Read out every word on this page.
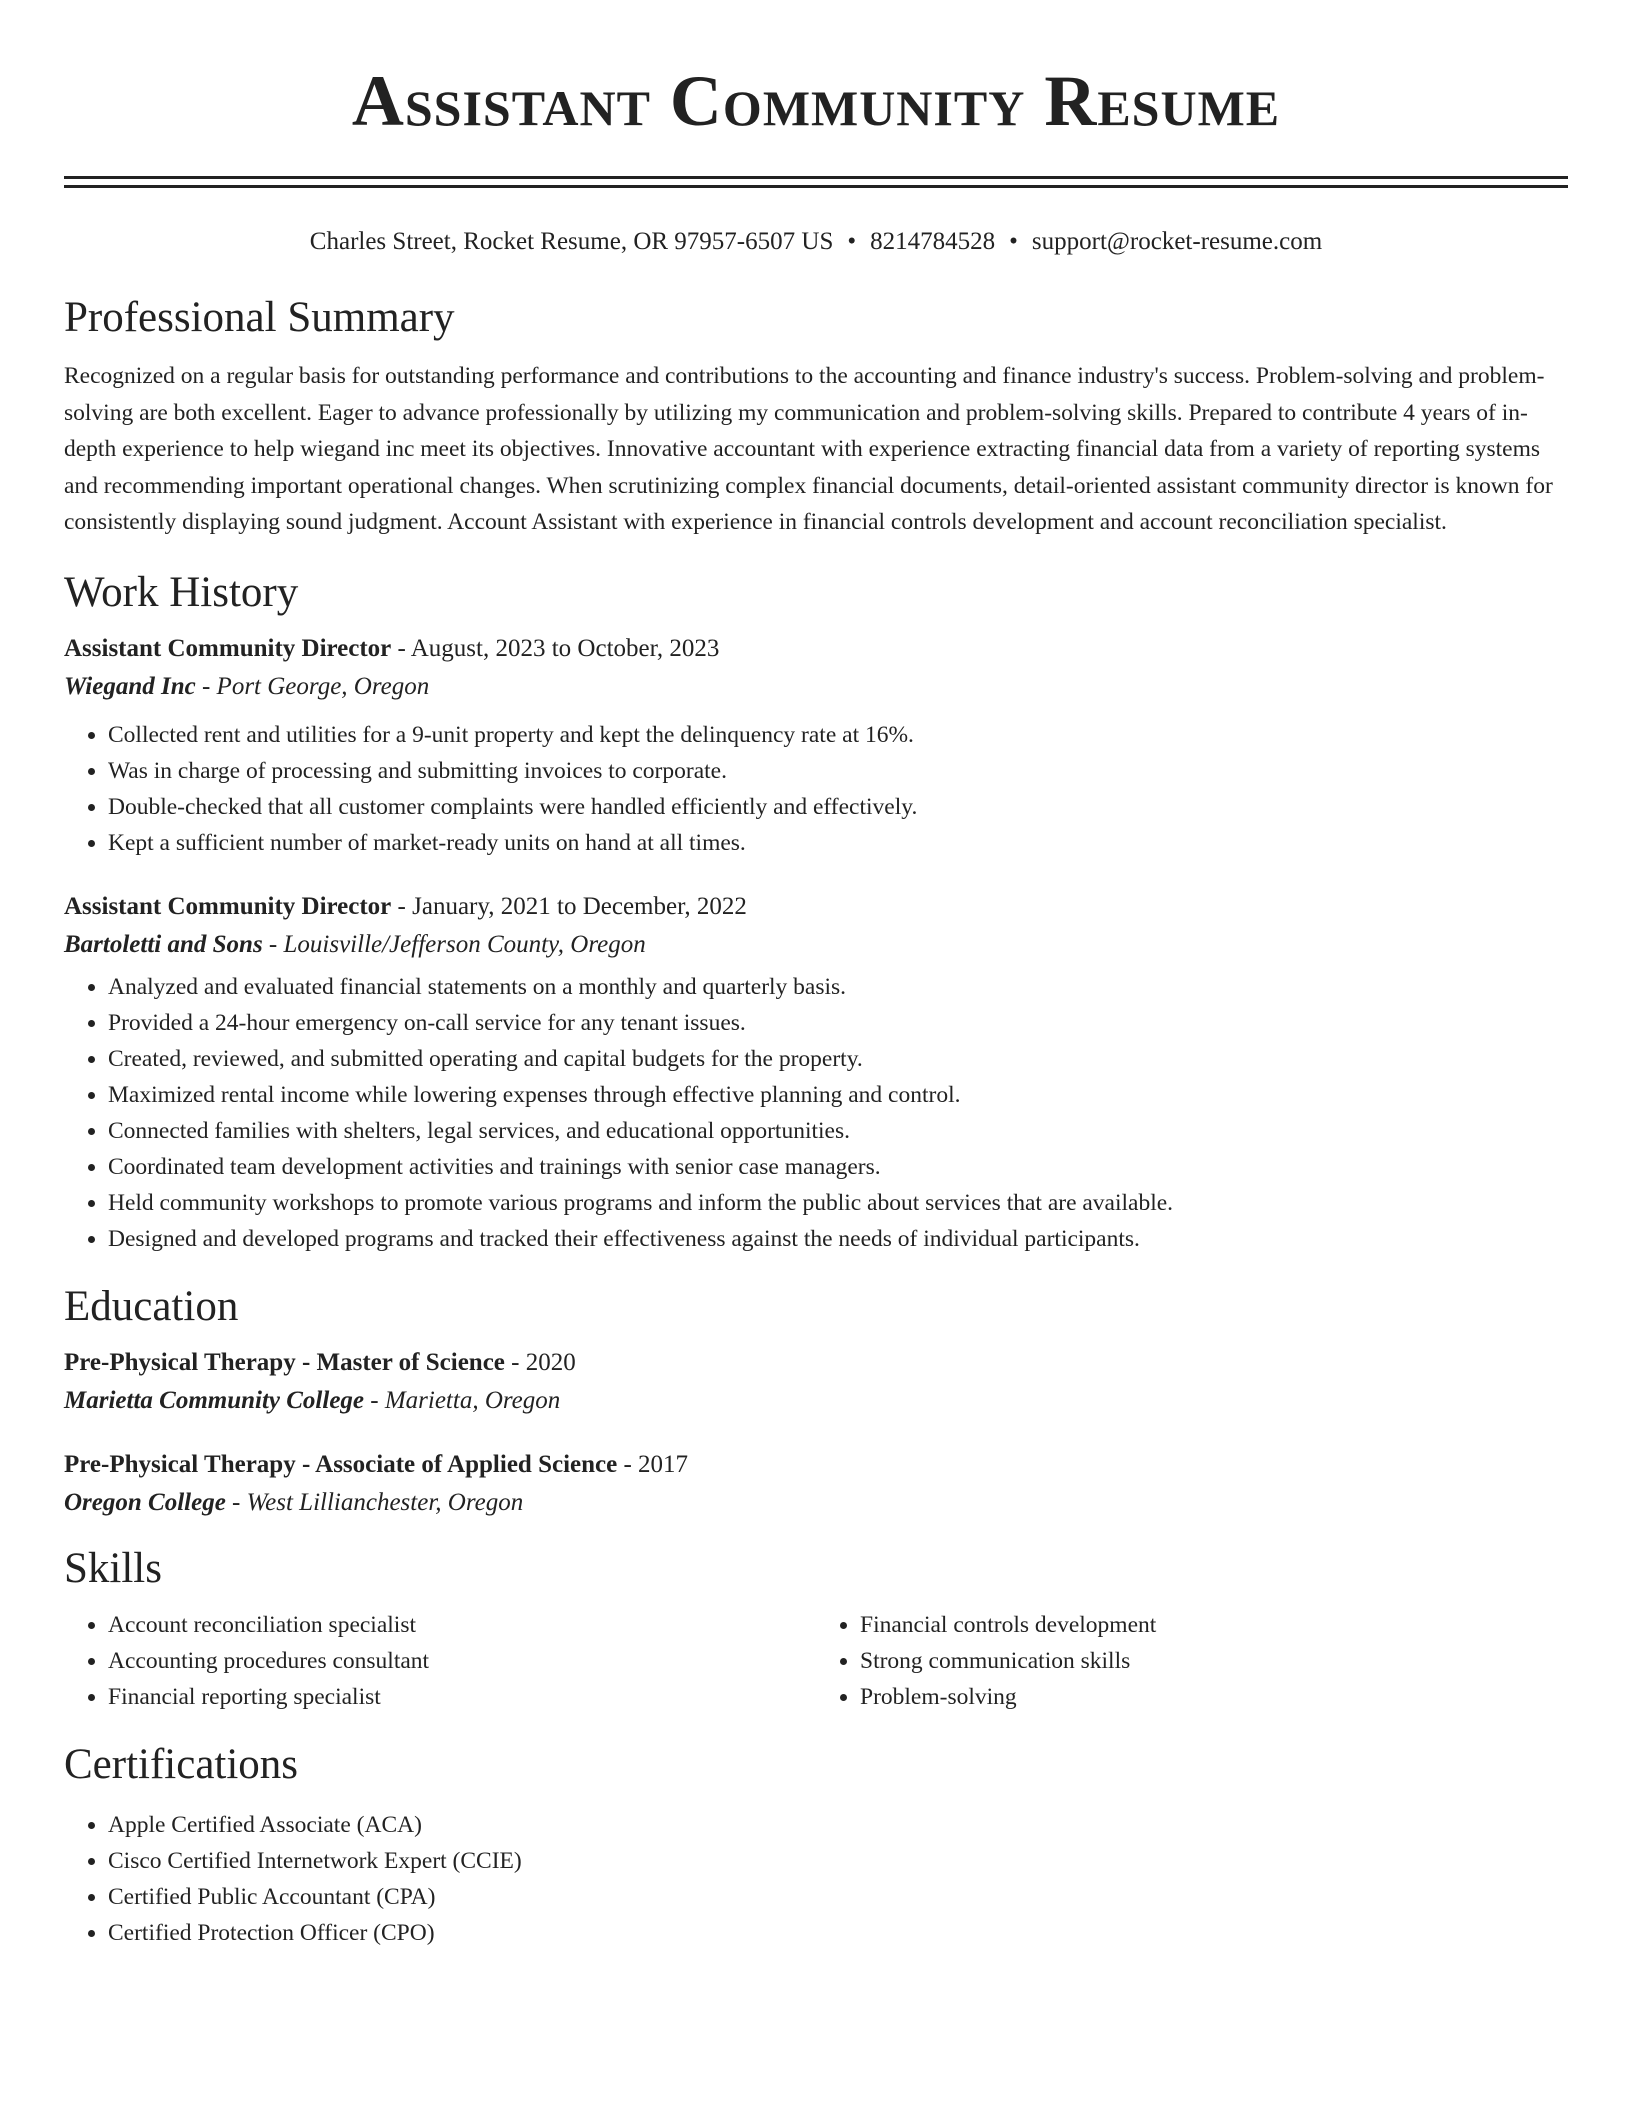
Assistant Community Resume
Charles Street, Rocket Resume, OR 97957-6507 US • 8214784528 • support@rocket-resume.com
Professional Summary

Recognized on a regular basis for outstanding performance and contributions to the accounting and finance industry's success. Problem-solving and problem-solving are both excellent. Eager to advance professionally by utilizing my communication and problem-solving skills. Prepared to contribute 4 years of in-depth experience to help wiegand inc meet its objectives. Innovative accountant with experience extracting financial data from a variety of reporting systems and recommending important operational changes. When scrutinizing complex financial documents, detail-oriented assistant community director is known for consistently displaying sound judgment. Account Assistant with experience in financial controls development and account reconciliation specialist.

Work History
Assistant Community Director - August, 2023 to October, 2023
Wiegand Inc - Port George, Oregon
• Collected rent and utilities for a 9-unit property and kept the delinquency rate at 16%.
• Was in charge of processing and submitting invoices to corporate.
• Double-checked that all customer complaints were handled efficiently and effectively.
• Kept a sufficient number of market-ready units on hand at all times.
Assistant Community Director - January, 2021 to December, 2022
Bartoletti and Sons - Louisville/Jefferson County, Oregon
• Analyzed and evaluated financial statements on a monthly and quarterly basis.
• Provided a 24-hour emergency on-call service for any tenant issues.
• Created, reviewed, and submitted operating and capital budgets for the property.
• Maximized rental income while lowering expenses through effective planning and control.
• Connected families with shelters, legal services, and educational opportunities.
• Coordinated team development activities and trainings with senior case managers.
• Held community workshops to promote various programs and inform the public about services that are available.
• Designed and developed programs and tracked their effectiveness against the needs of individual participants.
Education
Pre-Physical Therapy - Master of Science - 2020
Marietta Community College - Marietta, Oregon
Pre-Physical Therapy - Associate of Applied Science - 2017
Oregon College - West Lillianchester, Oregon
Skills
• Account reconciliation specialist
• Accounting procedures consultant
• Financial reporting specialist
• Financial controls development
• Strong communication skills
• Problem-solving
Certifications
• Apple Certified Associate (ACA)
• Cisco Certified Internetwork Expert (CCIE)
• Certified Public Accountant (CPA)
• Certified Protection Officer (CPO)
